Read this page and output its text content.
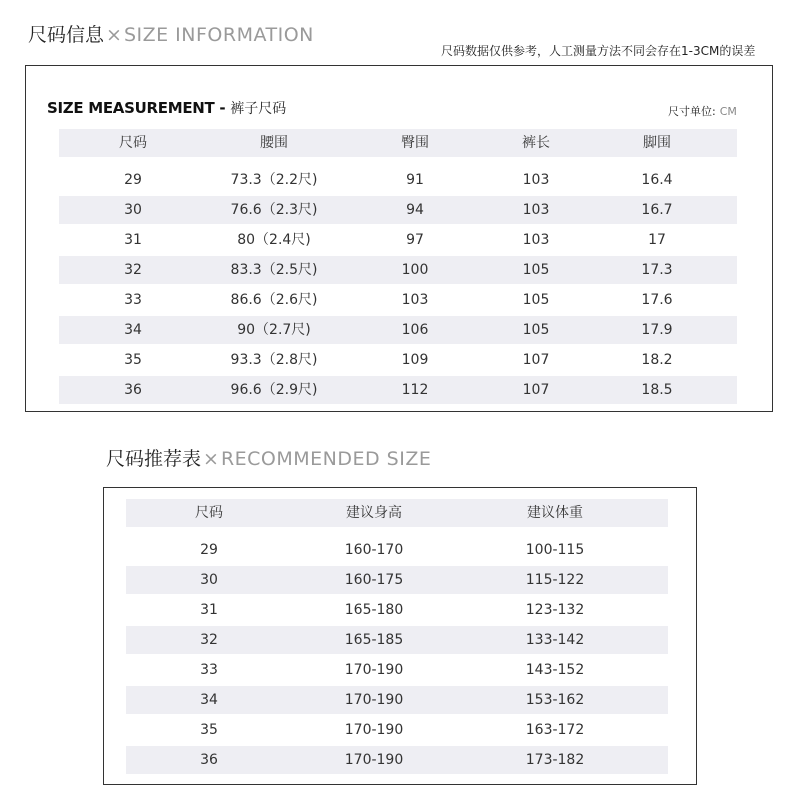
尺码信息 × SIZE INFORMATION
尺码数据仅供参考，人工测量方法不同会存在1-3CM的误差
SIZE MEASUREMENT - 裤子尺码	尺寸单位: CM
尺码	腰围	臀围	裤长	脚围
29	73.3（2.2尺)	91	103	16.4
30	76.6（2.3尺)	94	103	16.7
31	80（2.4尺)	97	103	17
32	83.3（2.5尺)	100	105	17.3
33	86.6（2.6尺)	103	105	17.6
34	90（2.7尺)	106	105	17.9
35	93.3（2.8尺)	109	107	18.2
36	96.6（2.9尺)	112	107	18.5
尺码推荐表 × RECOMMENDED SIZE
尺码	建议身高	建议体重
29	160-170	100-115
30	160-175	115-122
31	165-180	123-132
32	165-185	133-142
33	170-190	143-152
34	170-190	153-162
35	170-190	163-172
36	170-190	173-182
